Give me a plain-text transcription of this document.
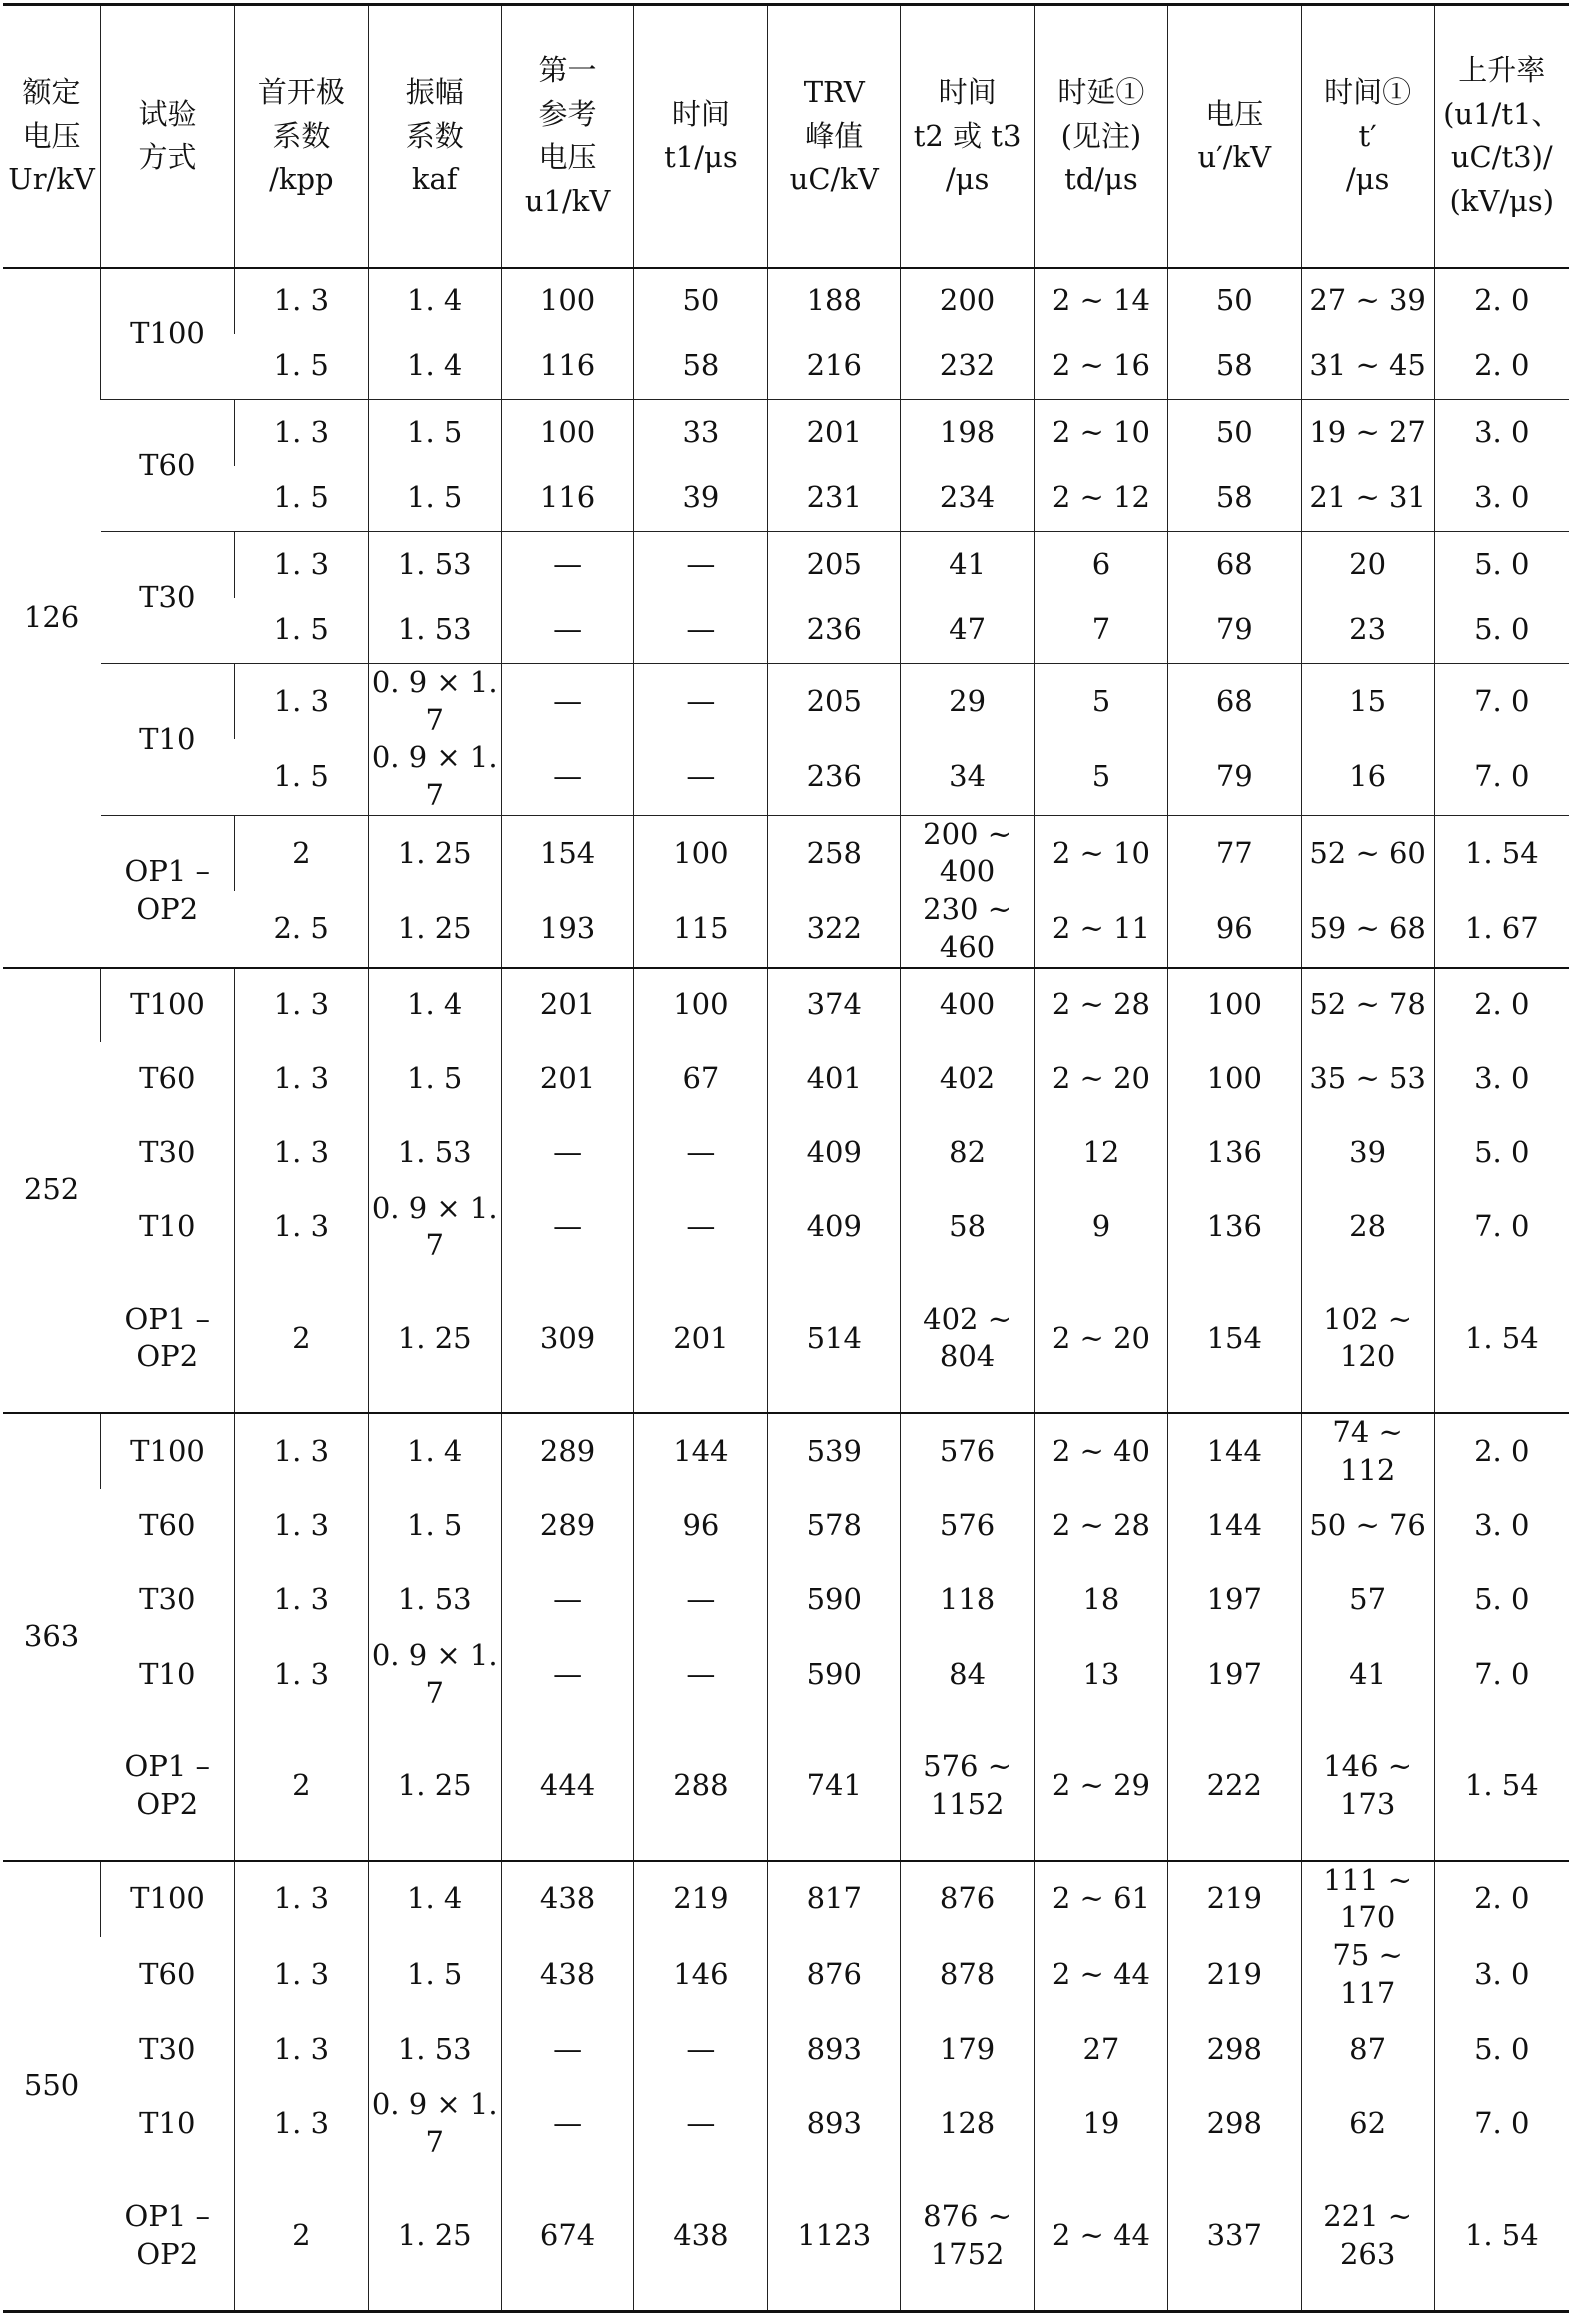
额定
电压
Ur/kV	试验
方式	首开极
系数
/kpp	振幅
系数
kaf	第一
参考
电压
u1/kV	时间
t1/μs	TRV
峰值
uC/kV	时间
t2 或 t3
/μs	时延①
(见注)
td/μs	电压
u′/kV	时间①
t′
/μs	上升率
(u1/t1、
uC/t3)/
(kV/μs)

126	T100	1. 3	1. 4	100	50	188	200	2 ~ 14	50	27 ~ 39	2. 0
		1. 5	1. 4	116	58	216	232	2 ~ 16	58	31 ~ 45	2. 0
	T60	1. 3	1. 5	100	33	201	198	2 ~ 10	50	19 ~ 27	3. 0
		1. 5	1. 5	116	39	231	234	2 ~ 12	58	21 ~ 31	3. 0
	T30	1. 3	1. 53	—	—	205	41	6	68	20	5. 0
		1. 5	1. 53	—	—	236	47	7	79	23	5. 0
	T10	1. 3	0. 9 × 1. 7	—	—	205	29	5	68	15	7. 0
		1. 5	0. 9 × 1. 7	—	—	236	34	5	79	16	7. 0
	OP1 –
OP2	2	1. 25	154	100	258	200 ~ 400	2 ~ 10	77	52 ~ 60	1. 54
		2. 5	1. 25	193	115	322	230 ~ 460	2 ~ 11	96	59 ~ 68	1. 67
252	T100	1. 3	1. 4	201	100	374	400	2 ~ 28	100	52 ~ 78	2. 0
	T60	1. 3	1. 5	201	67	401	402	2 ~ 20	100	35 ~ 53	3. 0
	T30	1. 3	1. 53	—	—	409	82	12	136	39	5. 0
	T10	1. 3	0. 9 × 1. 7	—	—	409	58	9	136	28	7. 0
	OP1 –
OP2	2	1. 25	309	201	514	402 ~ 804	2 ~ 20	154	102 ~ 120	1. 54
363	T100	1. 3	1. 4	289	144	539	576	2 ~ 40	144	74 ~ 112	2. 0
	T60	1. 3	1. 5	289	96	578	576	2 ~ 28	144	50 ~ 76	3. 0
	T30	1. 3	1. 53	—	—	590	118	18	197	57	5. 0
	T10	1. 3	0. 9 × 1. 7	—	—	590	84	13	197	41	7. 0
	OP1 –
OP2	2	1. 25	444	288	741	576 ~
1152	2 ~ 29	222	146 ~ 173	1. 54
550	T100	1. 3	1. 4	438	219	817	876	2 ~ 61	219	111 ~ 170	2. 0
	T60	1. 3	1. 5	438	146	876	878	2 ~ 44	219	75 ~ 117	3. 0
	T30	1. 3	1. 53	—	—	893	179	27	298	87	5. 0
	T10	1. 3	0. 9 × 1. 7	—	—	893	128	19	298	62	7. 0
	OP1 –
OP2	2	1. 25	674	438	1123	876 ~
1752	2 ~ 44	337	221 ~ 263	1. 54
